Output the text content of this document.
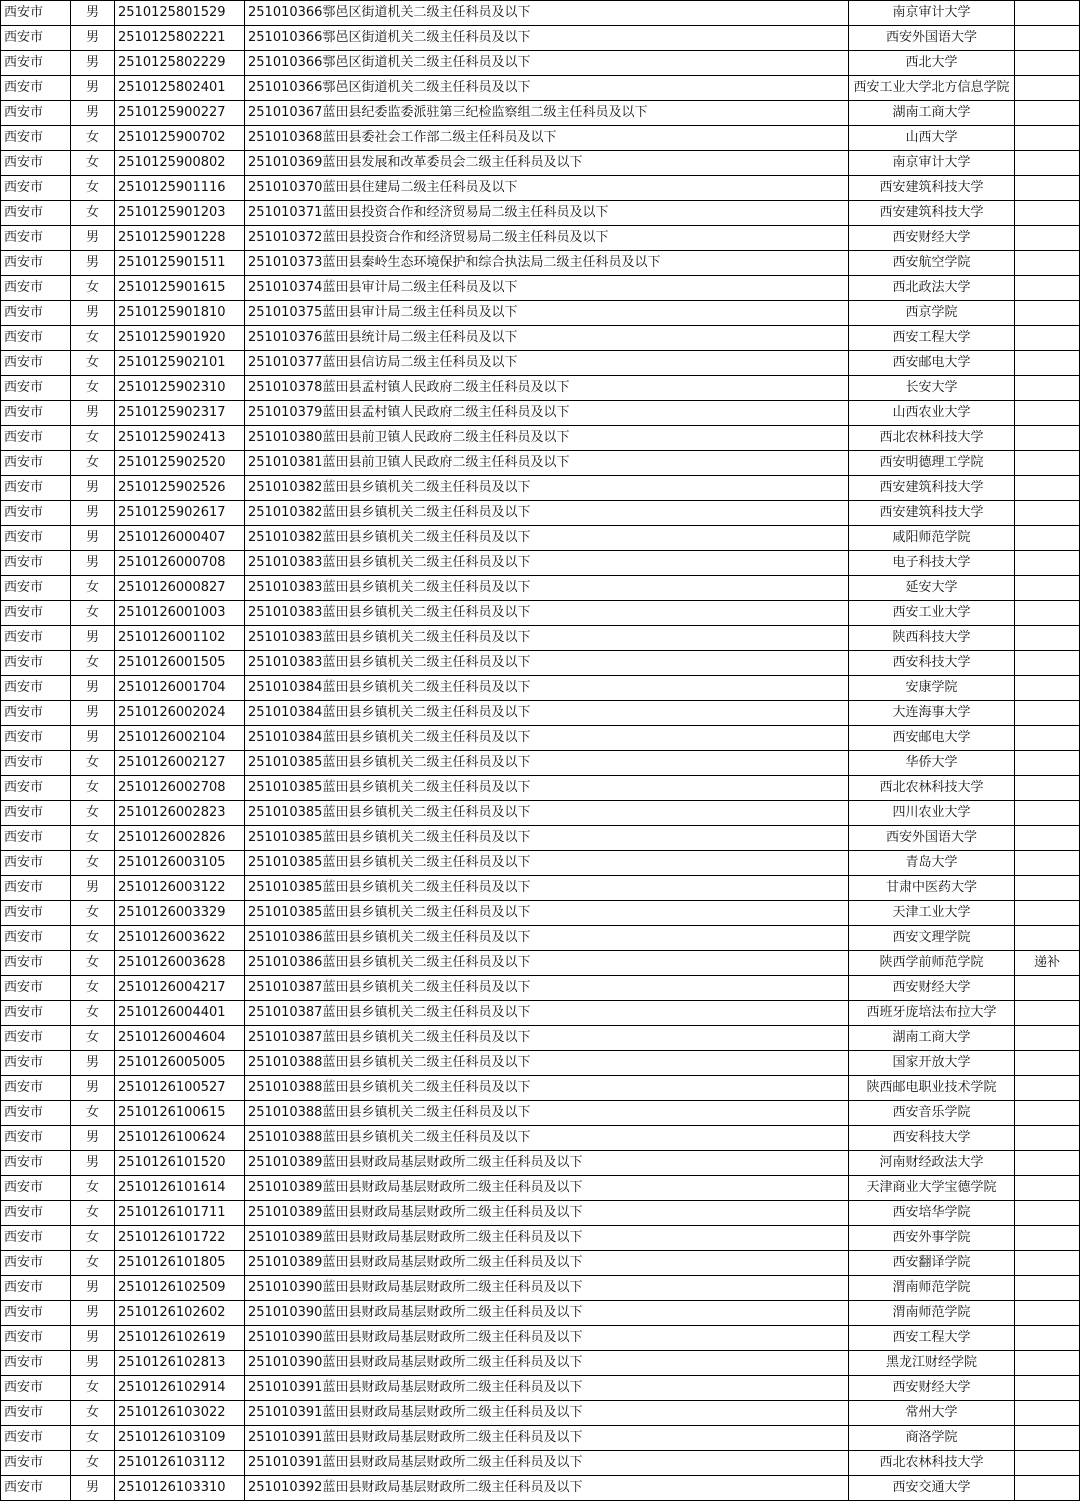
西安市	男	2510125801529	251010366鄠邑区街道机关二级主任科员及以下	南京审计大学	
西安市	男	2510125802221	251010366鄠邑区街道机关二级主任科员及以下	西安外国语大学	
西安市	男	2510125802229	251010366鄠邑区街道机关二级主任科员及以下	西北大学	
西安市	男	2510125802401	251010366鄠邑区街道机关二级主任科员及以下	西安工业大学北方信息学院	
西安市	男	2510125900227	251010367蓝田县纪委监委派驻第三纪检监察组二级主任科员及以下	湖南工商大学	
西安市	女	2510125900702	251010368蓝田县委社会工作部二级主任科员及以下	山西大学	
西安市	女	2510125900802	251010369蓝田县发展和改革委员会二级主任科员及以下	南京审计大学	
西安市	女	2510125901116	251010370蓝田县住建局二级主任科员及以下	西安建筑科技大学	
西安市	女	2510125901203	251010371蓝田县投资合作和经济贸易局二级主任科员及以下	西安建筑科技大学	
西安市	男	2510125901228	251010372蓝田县投资合作和经济贸易局二级主任科员及以下	西安财经大学	
西安市	男	2510125901511	251010373蓝田县秦岭生态环境保护和综合执法局二级主任科员及以下	西安航空学院	
西安市	女	2510125901615	251010374蓝田县审计局二级主任科员及以下	西北政法大学	
西安市	男	2510125901810	251010375蓝田县审计局二级主任科员及以下	西京学院	
西安市	女	2510125901920	251010376蓝田县统计局二级主任科员及以下	西安工程大学	
西安市	女	2510125902101	251010377蓝田县信访局二级主任科员及以下	西安邮电大学	
西安市	女	2510125902310	251010378蓝田县孟村镇人民政府二级主任科员及以下	长安大学	
西安市	男	2510125902317	251010379蓝田县孟村镇人民政府二级主任科员及以下	山西农业大学	
西安市	女	2510125902413	251010380蓝田县前卫镇人民政府二级主任科员及以下	西北农林科技大学	
西安市	女	2510125902520	251010381蓝田县前卫镇人民政府二级主任科员及以下	西安明德理工学院	
西安市	男	2510125902526	251010382蓝田县乡镇机关二级主任科员及以下	西安建筑科技大学	
西安市	男	2510125902617	251010382蓝田县乡镇机关二级主任科员及以下	西安建筑科技大学	
西安市	男	2510126000407	251010382蓝田县乡镇机关二级主任科员及以下	咸阳师范学院	
西安市	男	2510126000708	251010383蓝田县乡镇机关二级主任科员及以下	电子科技大学	
西安市	女	2510126000827	251010383蓝田县乡镇机关二级主任科员及以下	延安大学	
西安市	女	2510126001003	251010383蓝田县乡镇机关二级主任科员及以下	西安工业大学	
西安市	男	2510126001102	251010383蓝田县乡镇机关二级主任科员及以下	陕西科技大学	
西安市	女	2510126001505	251010383蓝田县乡镇机关二级主任科员及以下	西安科技大学	
西安市	男	2510126001704	251010384蓝田县乡镇机关二级主任科员及以下	安康学院	
西安市	男	2510126002024	251010384蓝田县乡镇机关二级主任科员及以下	大连海事大学	
西安市	男	2510126002104	251010384蓝田县乡镇机关二级主任科员及以下	西安邮电大学	
西安市	女	2510126002127	251010385蓝田县乡镇机关二级主任科员及以下	华侨大学	
西安市	女	2510126002708	251010385蓝田县乡镇机关二级主任科员及以下	西北农林科技大学	
西安市	女	2510126002823	251010385蓝田县乡镇机关二级主任科员及以下	四川农业大学	
西安市	女	2510126002826	251010385蓝田县乡镇机关二级主任科员及以下	西安外国语大学	
西安市	女	2510126003105	251010385蓝田县乡镇机关二级主任科员及以下	青岛大学	
西安市	男	2510126003122	251010385蓝田县乡镇机关二级主任科员及以下	甘肃中医药大学	
西安市	女	2510126003329	251010385蓝田县乡镇机关二级主任科员及以下	天津工业大学	
西安市	女	2510126003622	251010386蓝田县乡镇机关二级主任科员及以下	西安文理学院	
西安市	女	2510126003628	251010386蓝田县乡镇机关二级主任科员及以下	陕西学前师范学院	递补
西安市	女	2510126004217	251010387蓝田县乡镇机关二级主任科员及以下	西安财经大学	
西安市	女	2510126004401	251010387蓝田县乡镇机关二级主任科员及以下	西班牙庞培法布拉大学	
西安市	女	2510126004604	251010387蓝田县乡镇机关二级主任科员及以下	湖南工商大学	
西安市	男	2510126005005	251010388蓝田县乡镇机关二级主任科员及以下	国家开放大学	
西安市	男	2510126100527	251010388蓝田县乡镇机关二级主任科员及以下	陕西邮电职业技术学院	
西安市	女	2510126100615	251010388蓝田县乡镇机关二级主任科员及以下	西安音乐学院	
西安市	男	2510126100624	251010388蓝田县乡镇机关二级主任科员及以下	西安科技大学	
西安市	男	2510126101520	251010389蓝田县财政局基层财政所二级主任科员及以下	河南财经政法大学	
西安市	女	2510126101614	251010389蓝田县财政局基层财政所二级主任科员及以下	天津商业大学宝德学院	
西安市	女	2510126101711	251010389蓝田县财政局基层财政所二级主任科员及以下	西安培华学院	
西安市	女	2510126101722	251010389蓝田县财政局基层财政所二级主任科员及以下	西安外事学院	
西安市	女	2510126101805	251010389蓝田县财政局基层财政所二级主任科员及以下	西安翻译学院	
西安市	男	2510126102509	251010390蓝田县财政局基层财政所二级主任科员及以下	渭南师范学院	
西安市	男	2510126102602	251010390蓝田县财政局基层财政所二级主任科员及以下	渭南师范学院	
西安市	男	2510126102619	251010390蓝田县财政局基层财政所二级主任科员及以下	西安工程大学	
西安市	男	2510126102813	251010390蓝田县财政局基层财政所二级主任科员及以下	黑龙江财经学院	
西安市	女	2510126102914	251010391蓝田县财政局基层财政所二级主任科员及以下	西安财经大学	
西安市	女	2510126103022	251010391蓝田县财政局基层财政所二级主任科员及以下	常州大学	
西安市	女	2510126103109	251010391蓝田县财政局基层财政所二级主任科员及以下	商洛学院	
西安市	女	2510126103112	251010391蓝田县财政局基层财政所二级主任科员及以下	西北农林科技大学	
西安市	男	2510126103310	251010392蓝田县财政局基层财政所二级主任科员及以下	西安交通大学	
